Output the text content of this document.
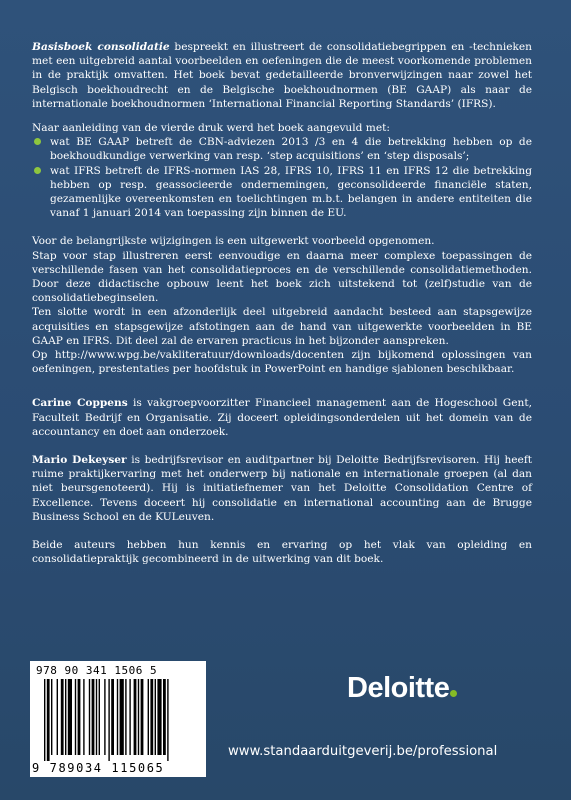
Basisboek consolidatie bespreekt en illustreert de consolidatiebegrippen en -technieken met een uitgebreid aantal voorbeelden en oefeningen die de meest voorkomende problemen in de praktijk omvatten. Het boek bevat gedetailleerde bronverwijzingen naar zowel het Belgisch boekhoudrecht en de Belgische boekhoudnormen (BE GAAP) als naar de internationale boekhoudnormen ‘International Financial Reporting Standards’ (IFRS).

Naar aanleiding van de vierde druk werd het boek aangevuld met:

wat BE GAAP betreft de CBN-adviezen 2013 /3 en 4 die betrekking hebben op de boekhoudkundige verwerking van resp. ‘step acquisitions’ en ‘step disposals’;
wat IFRS betreft de IFRS-normen IAS 28, IFRS 10, IFRS 11 en IFRS 12 die betrekking hebben op resp. geassocieerde ondernemingen, geconsolideerde financiële staten, gezamenlijke overeenkomsten en toelichtingen m.b.t. belangen in andere entiteiten die vanaf 1 januari 2014 van toepassing zijn binnen de EU.

Voor de belangrijkste wijzigingen is een uitgewerkt voorbeeld opgenomen.

Stap voor stap illustreren eerst eenvoudige en daarna meer complexe toepassingen de verschillende fasen van het consolidatieproces en de verschillende consolidatiemethoden. Door deze didactische opbouw leent het boek zich uitstekend tot (zelf)studie van de consolidatiebeginselen.

Ten slotte wordt in een afzonderlijk deel uitgebreid aandacht besteed aan stapsgewijze acquisities en stapsgewijze afstotingen aan de hand van uitgewerkte voorbeelden in BE GAAP en IFRS. Dit deel zal de ervaren practicus in het bijzonder aanspreken.

Op http://www.wpg.be/vakliteratuur/downloads/docenten zijn bijkomend oplossingen van oefeningen, prestentaties per hoofdstuk in PowerPoint en handige sjablonen beschikbaar.

Carine Coppens is vakgroepvoorzitter Financieel management aan de Hogeschool Gent, Faculteit Bedrijf en Organisatie. Zij doceert opleidingsonderdelen uit het domein van de accountancy en doet aan onderzoek.

Mario Dekeyser is bedrijfsrevisor en auditpartner bij Deloitte Bedrijfsrevisoren. Hij heeft ruime praktijkervaring met het onderwerp bij nationale en internationale groepen (al dan niet beursgenoteerd). Hij is initiatiefnemer van het Deloitte Consolidation Centre of Excellence. Tevens doceert hij consolidatie en international accounting aan de Brugge Business School en de KULeuven.

Beide auteurs hebben hun kennis en ervaring op het vlak van opleiding en consolidatiepraktijk gecombineerd in de uitwerking van dit boek.

978 90 341 1506 5
9 789034 115065
Deloitte
www.standaarduitgeverij.be/professional
